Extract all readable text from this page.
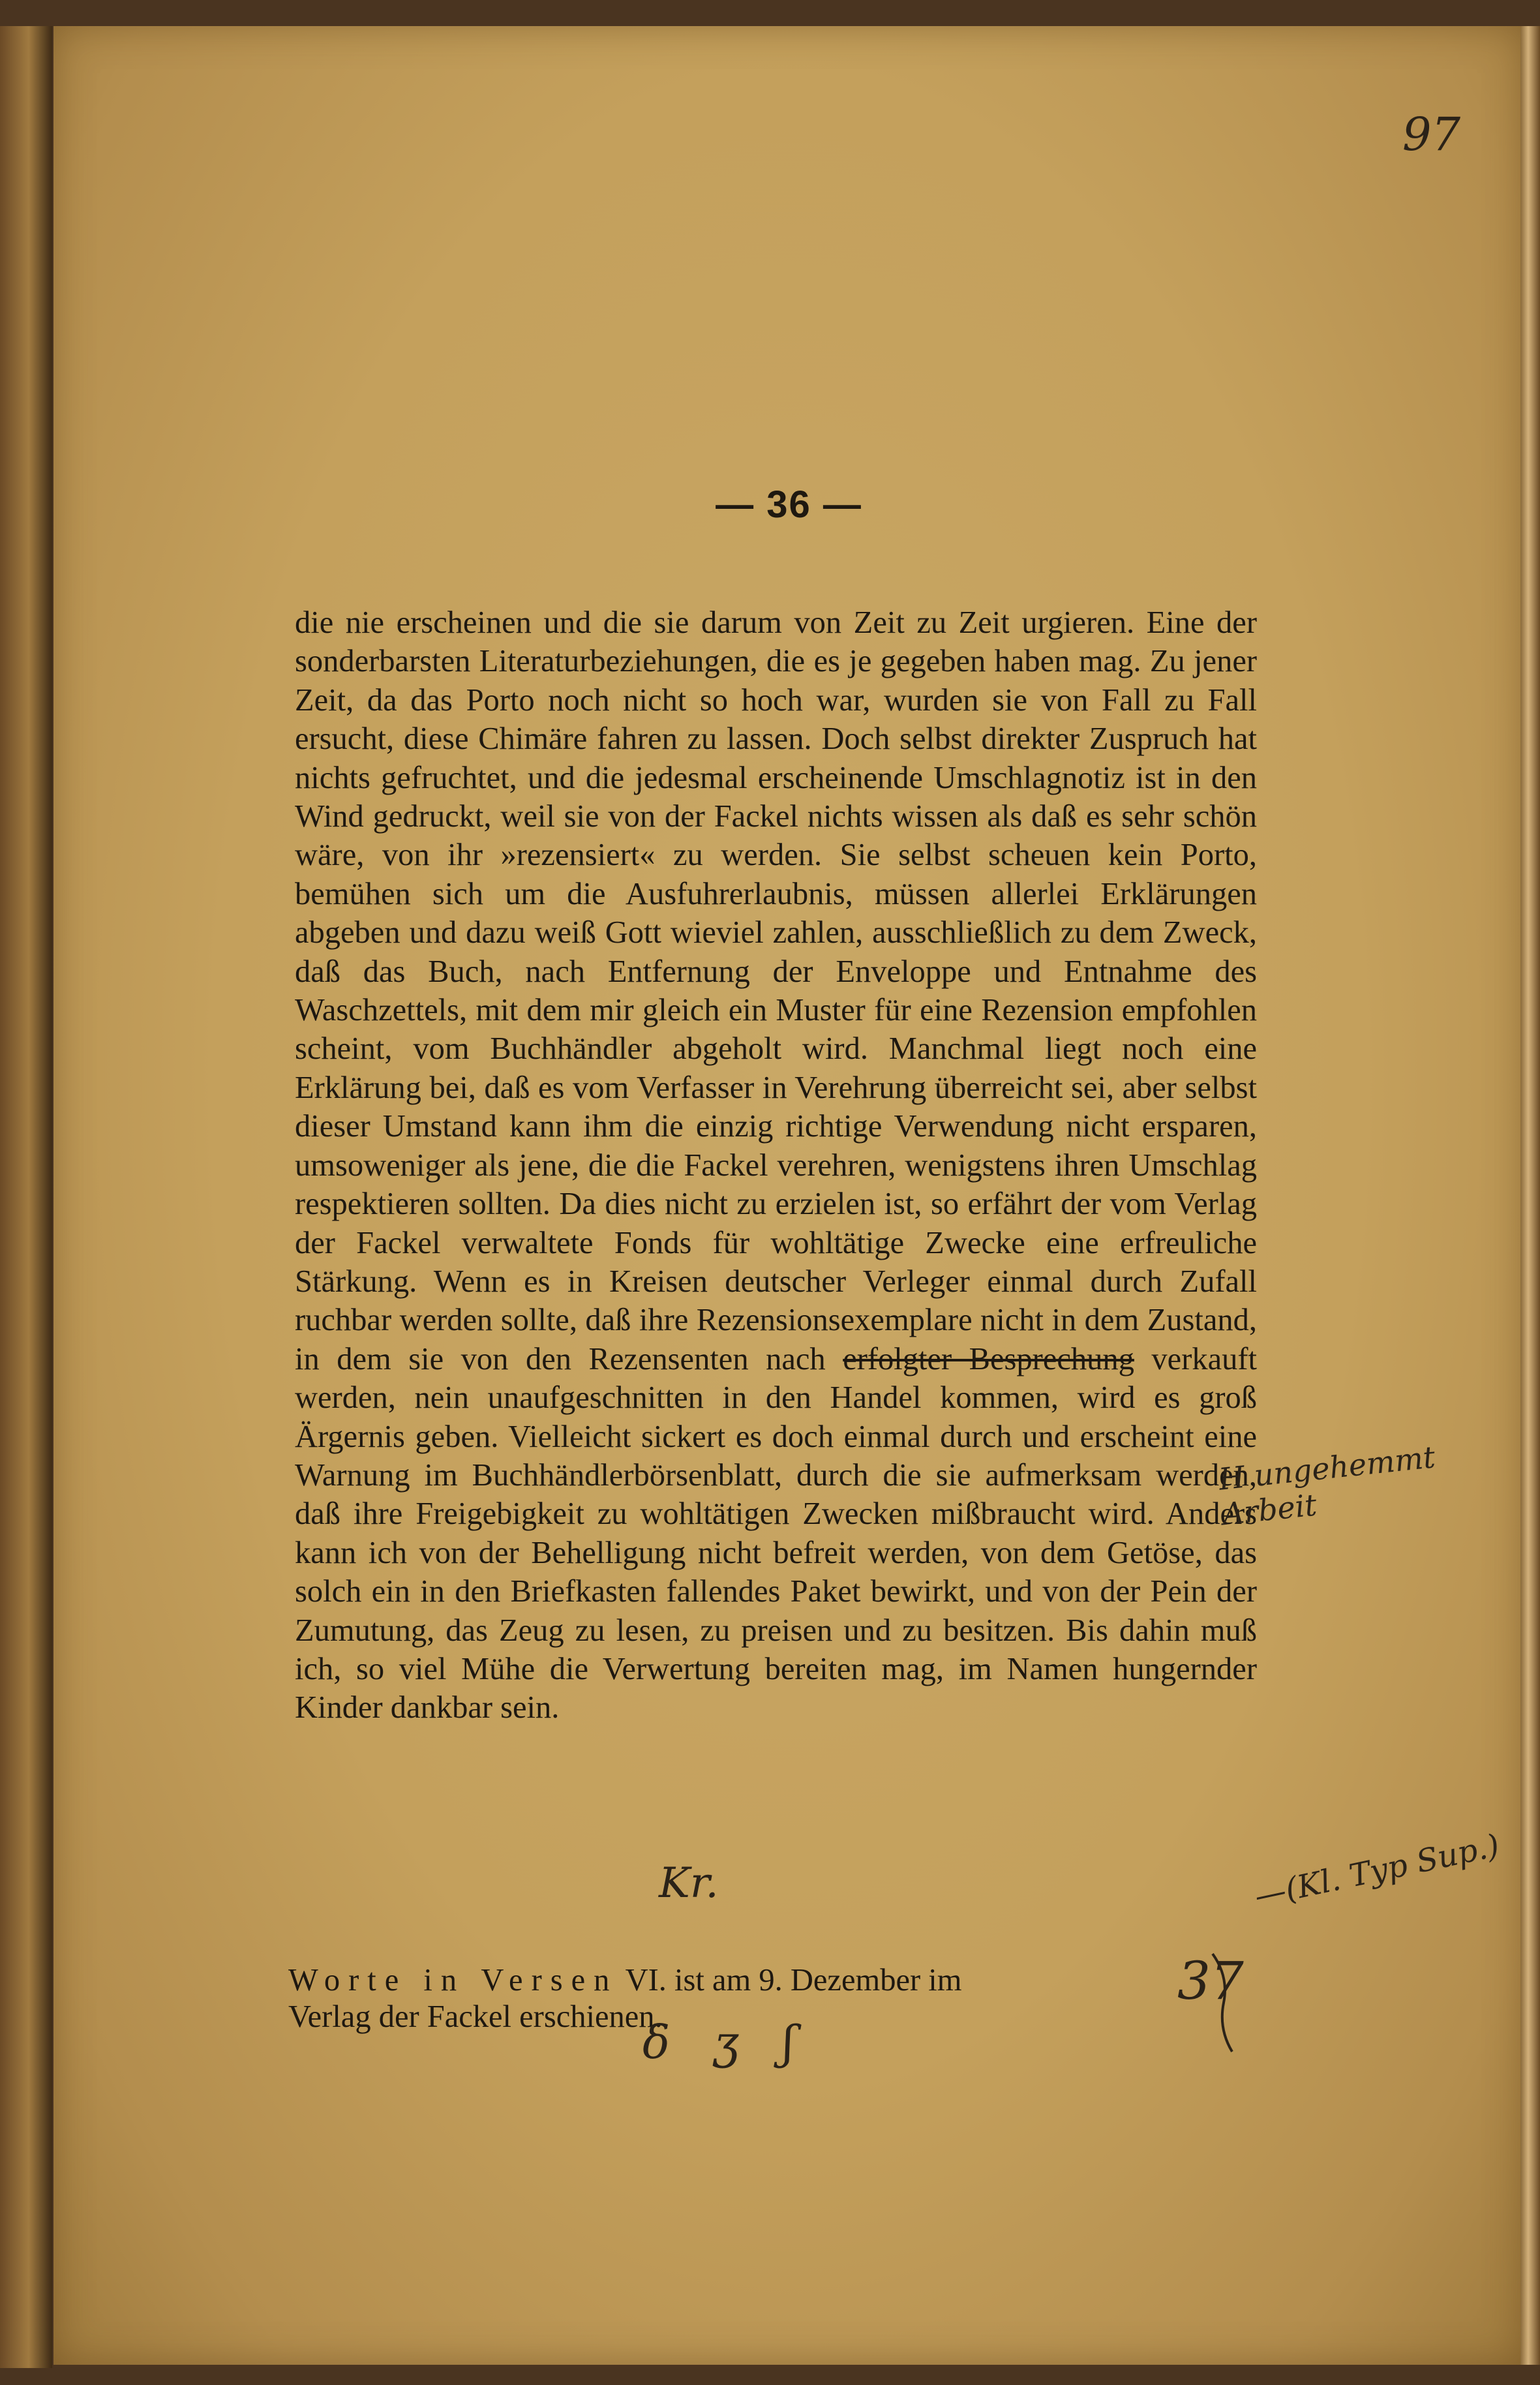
— 36 —

die nie erscheinen und die sie darum von Zeit zu Zeit urgieren. Eine der sonderbarsten Literaturbeziehungen, die es je gegeben haben mag. Zu jener Zeit, da das Porto noch nicht so hoch war, wurden sie von Fall zu Fall ersucht, diese Chimäre fahren zu lassen. Doch selbst direkter Zuspruch hat nichts gefruchtet, und die jedesmal erscheinende Umschlagnotiz ist in den Wind gedruckt, weil sie von der Fackel nichts wissen als daß es sehr schön wäre, von ihr »rezensiert« zu werden. Sie selbst scheuen kein Porto, bemühen sich um die Ausfuhrerlaubnis, müssen allerlei Erklärungen abgeben und dazu weiß Gott wieviel zahlen, ausschließlich zu dem Zweck, daß das Buch, nach Entfernung der Enveloppe und Entnahme des Waschzettels, mit dem mir gleich ein Muster für eine Rezension empfohlen scheint, vom Buchhändler abgeholt wird. Manchmal liegt noch eine Erklärung bei, daß es vom Verfasser in Verehrung überreicht sei, aber selbst dieser Umstand kann ihm die einzig richtige Verwendung nicht ersparen, umsoweniger als jene, die die Fackel verehren, wenigstens ihren Umschlag respektieren sollten. Da dies nicht zu erzielen ist, so erfährt der vom Verlag der Fackel verwaltete Fonds für wohltätige Zwecke eine erfreuliche Stärkung. Wenn es in Kreisen deutscher Verleger einmal durch Zufall ruchbar werden sollte, daß ihre Rezensionsexemplare nicht in dem Zustand, in dem sie von den Rezensenten nach erfolgter Besprechung verkauft werden, nein unaufgeschnitten in den Handel kommen, wird es groß Ärgernis geben. Vielleicht sickert es doch einmal durch und erscheint eine Warnung im Buchhändlerbörsenblatt, durch die sie aufmerksam werden, daß ihre Freigebigkeit zu wohltätigen Zwecken mißbraucht wird. Anders kann ich von der Behelligung nicht befreit werden, von dem Getöse, das solch ein in den Briefkasten fallendes Paket bewirkt, und von der Pein der Zumutung, das Zeug zu lesen, zu preisen und zu besitzen. Bis dahin muß ich, so viel Mühe die Verwertung bereiten mag, im Namen hungernder Kinder dankbar sein.

Worte in Versen VI. ist am 9. Dezember im
Verlag der Fackel erschienen.

97
H ungehemmt Arbeit
Kr.	—(Kl. Typ Sup.)
37
δ ʒ ʃ
